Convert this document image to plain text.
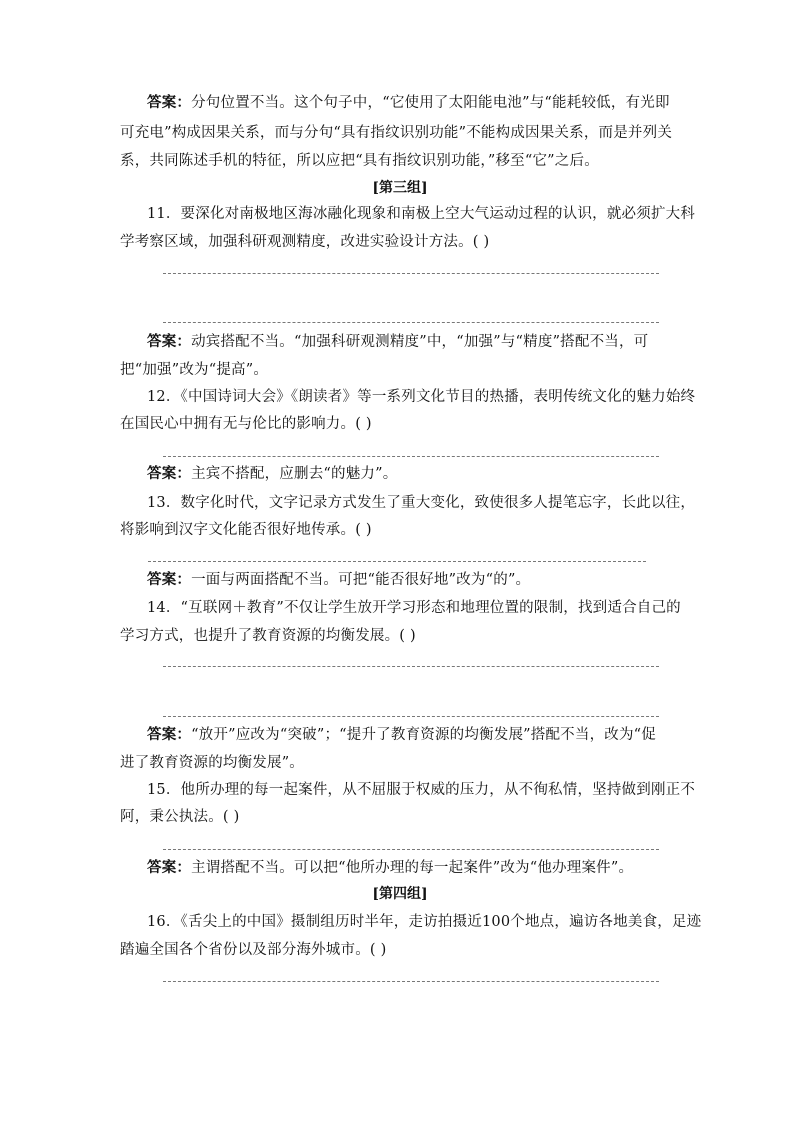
答案：分句位置不当。这个句子中，“它使用了太阳能电池”与“能耗较低，有光即
可充电”构成因果关系，而与分句“具有指纹识别功能”不能构成因果关系，而是并列关
系，共同陈述手机的特征，所以应把“具有指纹识别功能，”移至“它”之后。
[第三组]
11．要深化对南极地区海冰融化现象和南极上空大气运动过程的认识，就必须扩大科
学考察区域，加强科研观测精度，改进实验设计方法。( )
答案：动宾搭配不当。“加强科研观测精度”中，“加强”与“精度”搭配不当，可
把“加强”改为“提高”。
12．《中国诗词大会》《朗读者》等一系列文化节目的热播，表明传统文化的魅力始终
在国民心中拥有无与伦比的影响力。( )
答案：主宾不搭配，应删去“的魅力”。
13．数字化时代，文字记录方式发生了重大变化，致使很多人提笔忘字，长此以往，
将影响到汉字文化能否很好地传承。( )
答案：一面与两面搭配不当。可把“能否很好地”改为“的”。
14．“互联网＋教育”不仅让学生放开学习形态和地理位置的限制，找到适合自己的
学习方式，也提升了教育资源的均衡发展。( )
答案：“放开”应改为“突破”；“提升了教育资源的均衡发展”搭配不当，改为“促
进了教育资源的均衡发展”。
15．他所办理的每一起案件，从不屈服于权威的压力，从不徇私情，坚持做到刚正不
阿，秉公执法。( )
答案：主谓搭配不当。可以把“他所办理的每一起案件”改为“他办理案件”。
[第四组]
16．《舌尖上的中国》摄制组历时半年，走访拍摄近100个地点，遍访各地美食，足迹
踏遍全国各个省份以及部分海外城市。( )
